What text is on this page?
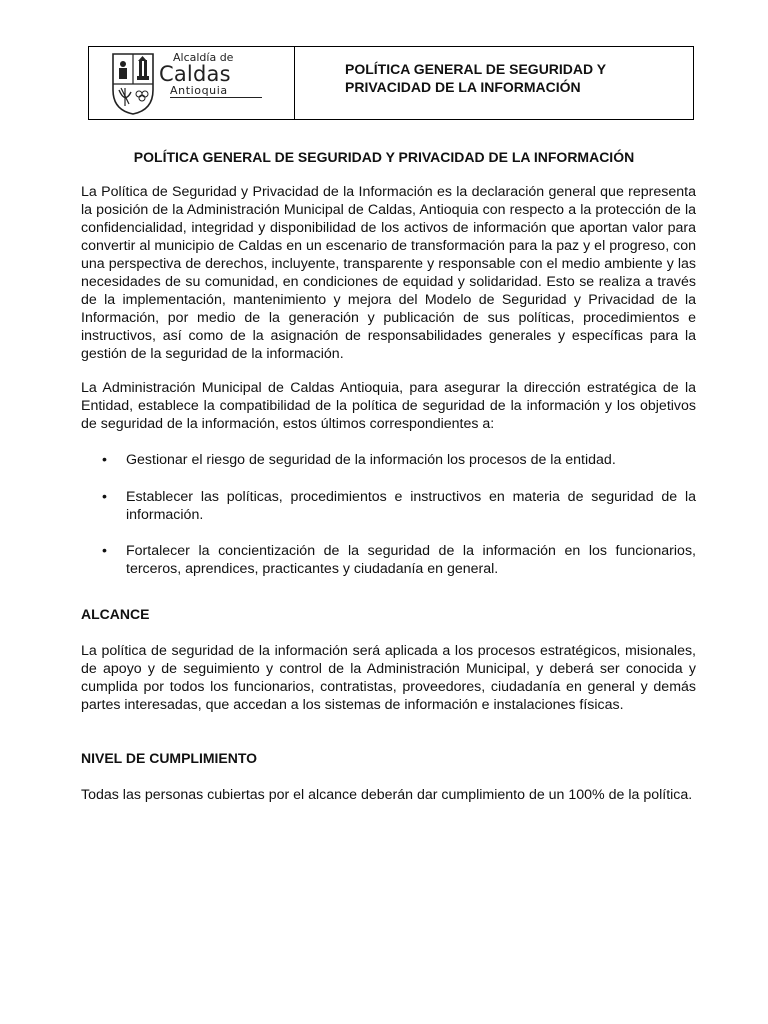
Alcaldía de
Caldas
Antioquia
POLÍTICA GENERAL DE SEGURIDAD Y
PRIVACIDAD DE LA INFORMACIÓN
POLÍTICA GENERAL DE SEGURIDAD Y PRIVACIDAD DE LA INFORMACIÓN

La Política de Seguridad y Privacidad de la Información es la declaración general que representa la posición de la Administración Municipal de Caldas, Antioquia con respecto a la protección de la confidencialidad, integridad y disponibilidad de los activos de información que aportan valor para convertir al municipio de Caldas en un escenario de transformación para la paz y el progreso, con una perspectiva de derechos, incluyente, transparente y responsable con el medio ambiente y las necesidades de su comunidad, en condiciones de equidad y solidaridad. Esto se realiza a través de la implementación, mantenimiento y mejora del Modelo de Seguridad y Privacidad de la Información, por medio de la generación y publicación de sus políticas, procedimientos e instructivos, así como de la asignación de responsabilidades generales y específicas para la gestión de la seguridad de la información.

La Administración Municipal de Caldas Antioquia, para asegurar la dirección estratégica de la Entidad, establece la compatibilidad de la política de seguridad de la información y los objetivos de seguridad de la información, estos últimos correspondientes a:

•	Gestionar el riesgo de seguridad de la información los procesos de la entidad.
•	Establecer las políticas, procedimientos e instructivos en materia de seguridad de la información.
•	Fortalecer la concientización de la seguridad de la información en los funcionarios, terceros, aprendices, practicantes y ciudadanía en general.
ALCANCE

La política de seguridad de la información será aplicada a los procesos estratégicos, misionales, de apoyo y de seguimiento y control de la Administración Municipal, y deberá ser conocida y cumplida por todos los funcionarios, contratistas, proveedores, ciudadanía en general y demás partes interesadas, que accedan a los sistemas de información e instalaciones físicas.

NIVEL DE CUMPLIMIENTO

Todas las personas cubiertas por el alcance deberán dar cumplimiento de un 100% de la política.
